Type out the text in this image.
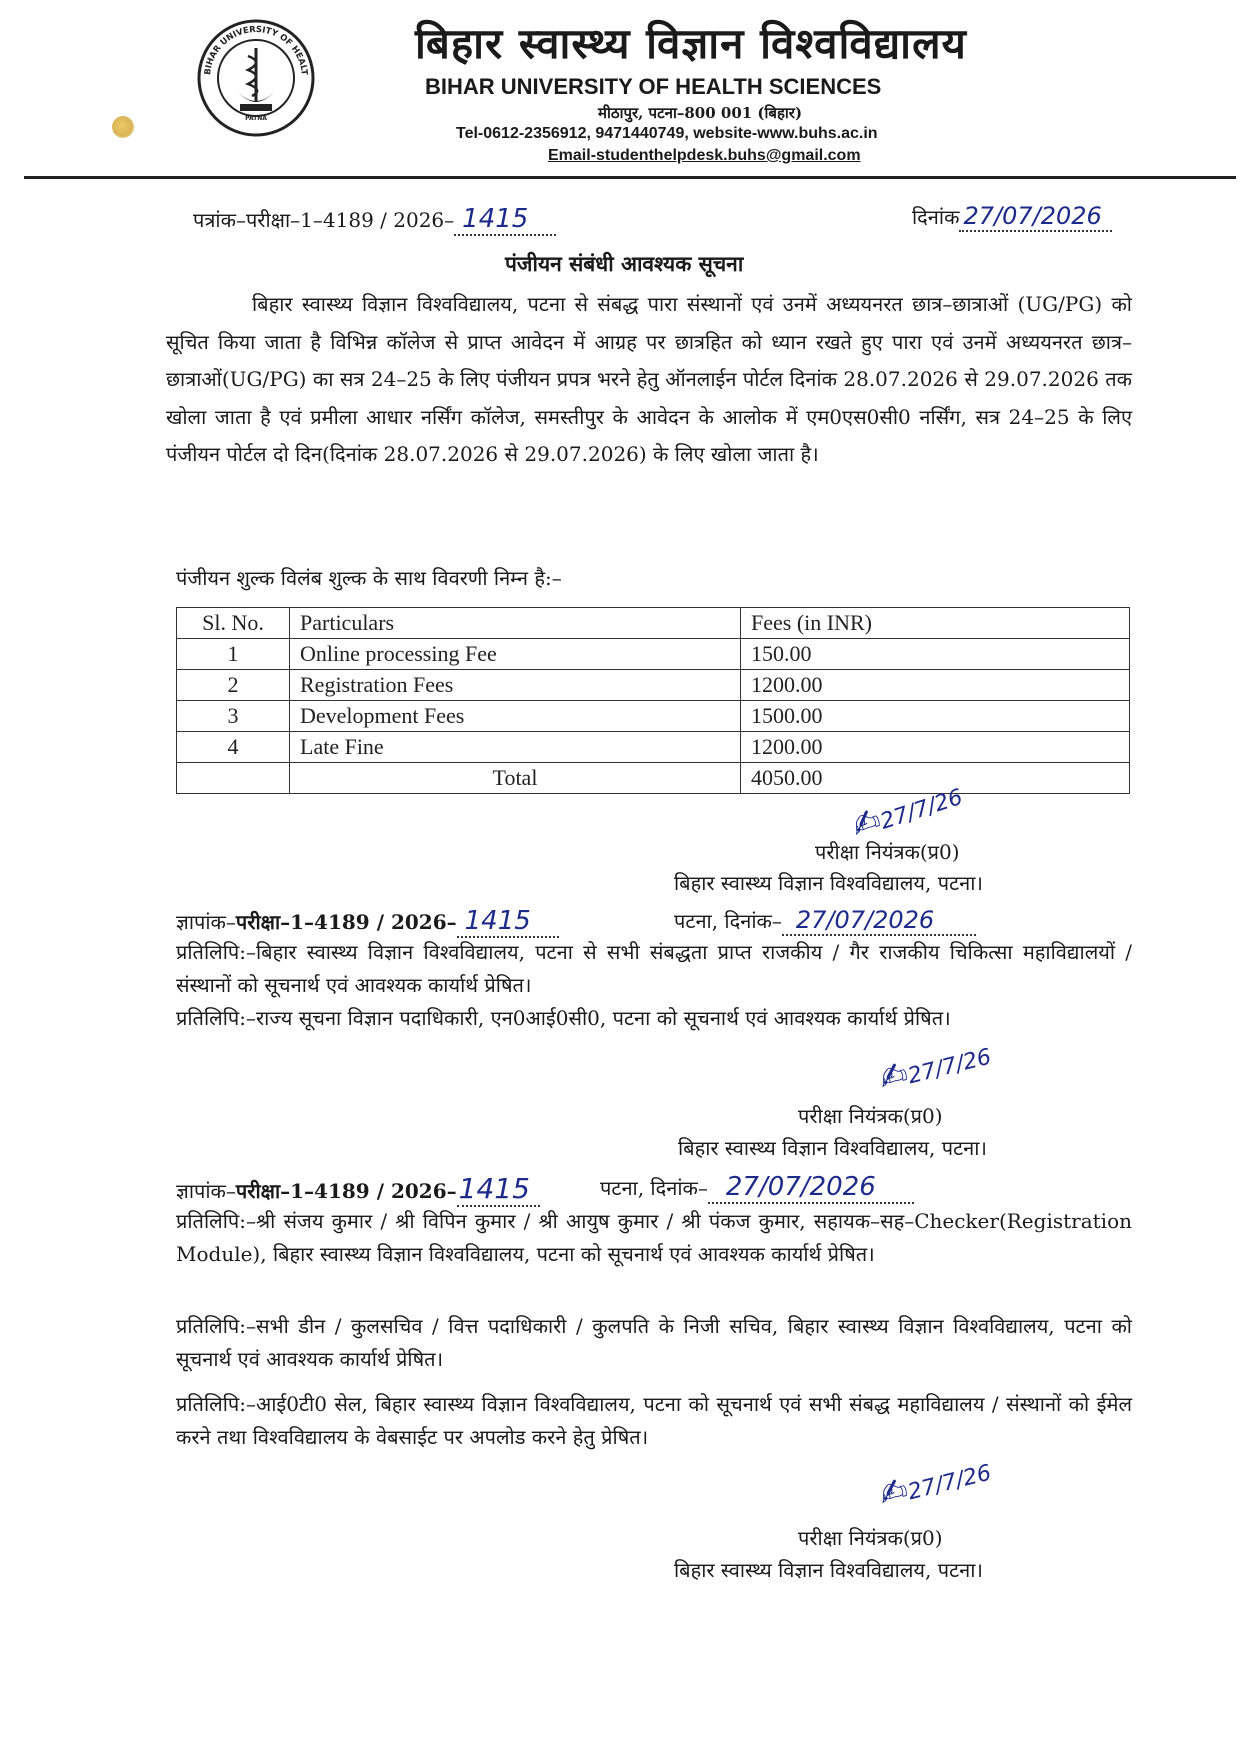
BIHAR UNIVERSITY OF HEALT
PATNA
बिहार स्वास्थ्य विज्ञान विश्वविद्यालय
BIHAR UNIVERSITY OF HEALTH SCIENCES
मीठापुर, पटना–800 001 (बिहार)
Tel-0612-2356912, 9471440749, website-www.buhs.ac.in
Email-studenthelpdesk.buhs@gmail.com
पत्रांक–परीक्षा–1–4189 / 2026– 1415	दिनांक 27/07/2026
पंजीयन संबंधी आवश्यक सूचना

बिहार स्वास्थ्य विज्ञान विश्वविद्यालय, पटना से संबद्ध पारा संस्थानों एवं उनमें अध्ययनरत छात्र–छात्राओं (UG/PG) को सूचित किया जाता है विभिन्न कॉलेज से प्राप्त आवेदन में आग्रह पर छात्रहित को ध्यान रखते हुए पारा एवं उनमें अध्ययनरत छात्र–छात्राओं(UG/PG) का सत्र 24–25 के लिए पंजीयन प्रपत्र भरने हेतु ऑनलाईन पोर्टल दिनांक 28.07.2026 से 29.07.2026 तक खोला जाता है एवं प्रमीला आधार नर्सिंग कॉलेज, समस्तीपुर के आवेदन के आलोक में एम0एस0सी0 नर्सिंग, सत्र 24–25 के लिए पंजीयन पोर्टल दो दिन(दिनांक 28.07.2026 से 29.07.2026) के लिए खोला जाता है।

पंजीयन शुल्क विलंब शुल्क के साथ विवरणी निम्न है:–
Sl. No.	Particulars	Fees (in INR)
1	Online processing Fee	150.00
2	Registration Fees	1200.00
3	Development Fees	1500.00
4	Late Fine	1200.00
	Total	4050.00
✍27/7/26
परीक्षा नियंत्रक(प्र0)
बिहार स्वास्थ्य विज्ञान विश्वविद्यालय, पटना।
ज्ञापांक–परीक्षा–1–4189 / 2026– 1415	पटना, दिनांक– 27/07/2026
प्रतिलिपि:–बिहार स्वास्थ्य विज्ञान विश्वविद्यालय, पटना से सभी संबद्धता प्राप्त राजकीय / गैर राजकीय चिकित्सा महाविद्यालयों / संस्थानों को सूचनार्थ एवं आवश्यक कार्यार्थ प्रेषित।
प्रतिलिपि:–राज्य सूचना विज्ञान पदाधिकारी, एन0आई0सी0, पटना को सूचनार्थ एवं आवश्यक कार्यार्थ प्रेषित।
✍27/7/26
परीक्षा नियंत्रक(प्र0)
बिहार स्वास्थ्य विज्ञान विश्वविद्यालय, पटना।
ज्ञापांक–परीक्षा–1–4189 / 2026–1415	पटना, दिनांक– 27/07/2026
प्रतिलिपि:–श्री संजय कुमार / श्री विपिन कुमार / श्री आयुष कुमार / श्री पंकज कुमार, सहायक–सह–Checker(Registration Module), बिहार स्वास्थ्य विज्ञान विश्वविद्यालय, पटना को सूचनार्थ एवं आवश्यक कार्यार्थ प्रेषित।
प्रतिलिपि:–सभी डीन / कुलसचिव / वित्त पदाधिकारी / कुलपति के निजी सचिव, बिहार स्वास्थ्य विज्ञान विश्वविद्यालय, पटना को सूचनार्थ एवं आवश्यक कार्यार्थ प्रेषित।
प्रतिलिपि:–आई0टी0 सेल, बिहार स्वास्थ्य विज्ञान विश्वविद्यालय, पटना को सूचनार्थ एवं सभी संबद्ध महाविद्यालय / संस्थानों को ईमेल करने तथा विश्वविद्यालय के वेबसाईट पर अपलोड करने हेतु प्रेषित।
✍27/7/26
परीक्षा नियंत्रक(प्र0)
बिहार स्वास्थ्य विज्ञान विश्वविद्यालय, पटना।
